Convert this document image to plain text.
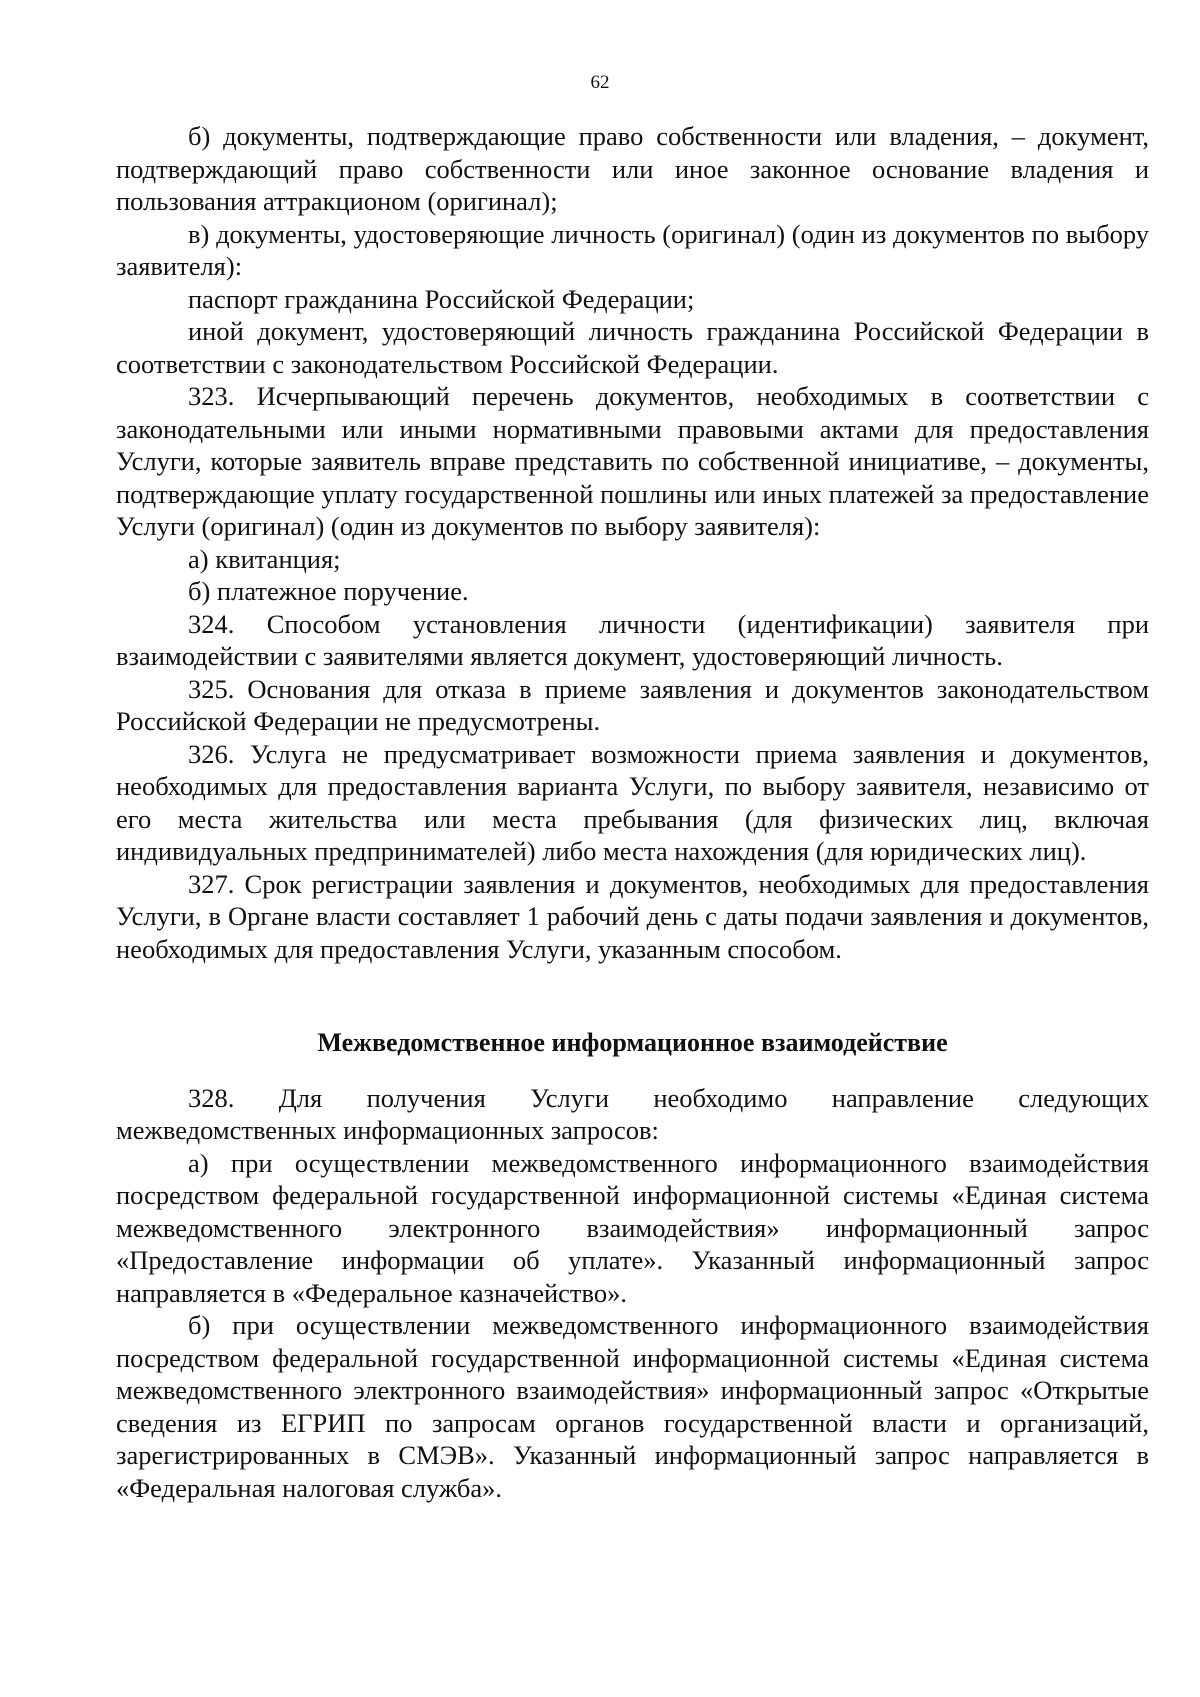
62

б) документы, подтверждающие право собственности или владения, – документ, подтверждающий право собственности или иное законное основание владения и пользования аттракционом (оригинал);

в) документы, удостоверяющие личность (оригинал) (один из документов по выбору заявителя):

паспорт гражданина Российской Федерации;

иной документ, удостоверяющий личность гражданина Российской Федерации в соответствии с законодательством Российской Федерации.

323. Исчерпывающий перечень документов, необходимых в соответствии с законодательными или иными нормативными правовыми актами для предоставления Услуги, которые заявитель вправе представить по собственной инициативе, – документы, подтверждающие уплату государственной пошлины или иных платежей за предоставление Услуги (оригинал) (один из документов по выбору заявителя):

а) квитанция;

б) платежное поручение.

324. Способом установления личности (идентификации) заявителя при взаимодействии с заявителями является документ, удостоверяющий личность.

325. Основания для отказа в приеме заявления и документов законодательством Российской Федерации не предусмотрены.

326. Услуга не предусматривает возможности приема заявления и документов, необходимых для предоставления варианта Услуги, по выбору заявителя, независимо от его места жительства или места пребывания (для физических лиц, включая индивидуальных предпринимателей) либо места нахождения (для юридических лиц).

327. Срок регистрации заявления и документов, необходимых для предоставления Услуги, в Органе власти составляет 1 рабочий день с даты подачи заявления и документов, необходимых для предоставления Услуги, указанным способом.

Межведомственное информационное взаимодействие

328. Для получения Услуги необходимо направление следующих межведомственных информационных запросов:

а) при осуществлении межведомственного информационного взаимодействия посредством федеральной государственной информационной системы «Единая система межведомственного электронного взаимодействия» информационный запрос «Предоставление информации об уплате». Указанный информационный запрос направляется в «Федеральное казначейство».

б) при осуществлении межведомственного информационного взаимодействия посредством федеральной государственной информационной системы «Единая система межведомственного электронного взаимодействия» информационный запрос «Открытые сведения из ЕГРИП по запросам органов государственной власти и организаций, зарегистрированных в СМЭВ». Указанный информационный запрос направляется в «Федеральная налоговая служба».
